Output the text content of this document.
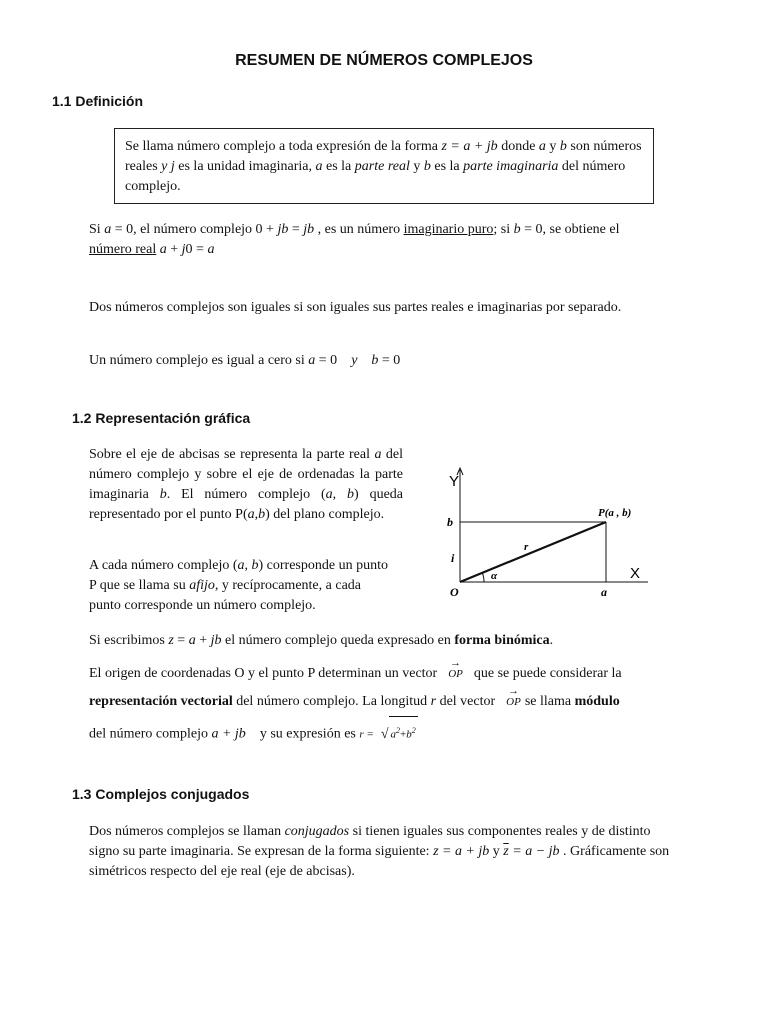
RESUMEN DE NÚMEROS COMPLEJOS
1.1 Definición
Se llama número complejo a toda expresión de la forma z = a + jb donde a y b son números reales y j es la unidad imaginaria, a es la parte real y b es la parte imaginaria del número complejo.
Si a = 0, el número complejo 0 + jb = jb , es un número imaginario puro; si b = 0, se obtiene el
número real a + j0 = a
Dos números complejos son iguales si son iguales sus partes reales e imaginarias por separado.
Un número complejo es igual a cero si a = 0 y b = 0
1.2 Representación gráfica
Sobre el eje de abcisas se representa la parte real a del número complejo y sobre el eje de ordenadas la parte imaginaria b. El número complejo (a, b) queda representado por el punto P(a,b) del plano complejo.
A cada número complejo (a, b) corresponde un punto P que se llama su afijo, y recíprocamente, a cada punto corresponde un número complejo.
Y
X
O	a
b
i
r
α
P(a , b)
Si escribimos z = a + jb el número complejo queda expresado en forma binómica.
El origen de coordenadas O y el punto P determinan un vector
→
OP que se puede considerar la
representación vectorial del número complejo. La longitud r del vector
→
OP se llama módulo
del número complejo a + jb y su expresión es r = √ $a^2+b^2$
1.3 Complejos conjugados
Dos números complejos se llaman conjugados si tienen iguales sus componentes reales y de distinto signo su parte imaginaria. Se expresan de la forma siguiente: z = a + jb y $\overline{z} = a$ − jb . Gráficamente son simétricos respecto del eje real (eje de abcisas).
